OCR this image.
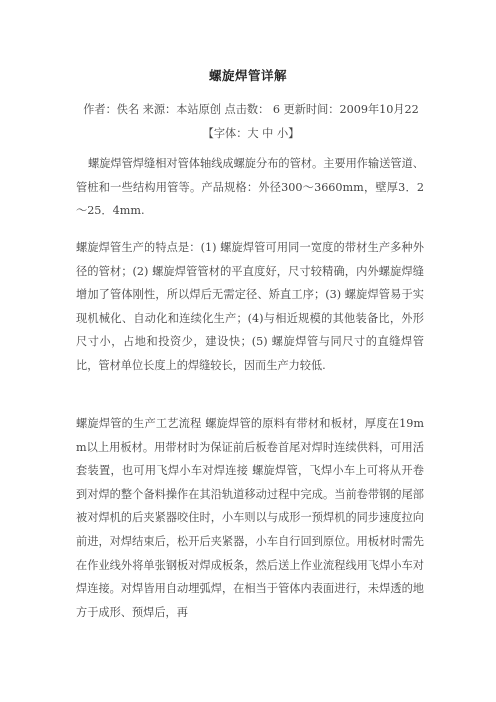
螺旋焊管详解
作者：佚名 来源：本站原创 点击数： 6 更新时间：2009年10月22 【字体：大 中 小】
螺旋焊管焊缝相对管体轴线成螺旋分布的管材。主要用作输送管道、管桩和一些结构用管等。产品规格：外径300～3660mm，壁厚3．2～25．4mm.
螺旋焊管生产的特点是：(1) 螺旋焊管可用同一宽度的带材生产多种外径的管材；(2) 螺旋焊管管材的平直度好，尺寸较精确，内外螺旋焊缝增加了管体刚性，所以焊后无需定径、矫直工序；(3) 螺旋焊管易于实现机械化、自动化和连续化生产；(4)与相近规模的其他装备比，外形尺寸小，占地和投资少，建设快；(5) 螺旋焊管与同尺寸的直缝焊管比，管材单位长度上的焊缝较长，因而生产力较低.
螺旋焊管的生产工艺流程 螺旋焊管的原料有带材和板材，厚度在19mm以上用板材。用带材时为保证前后板卷首尾对焊时连续供料，可用活套装置，也可用飞焊小车对焊连接 螺旋焊管，飞焊小车上可将从开卷到对焊的整个备料操作在其沿轨道移动过程中完成。当前卷带钢的尾部被对焊机的后夹紧器咬住时，小车则以与成形一预焊机的同步速度拉向前进，对焊结束后，松开后夹紧器，小车自行回到原位。用板材时需先在作业线外将单张钢板对焊成板条，然后送上作业流程线用飞焊小车对焊连接。对焊皆用自动埋弧焊，在相当于管体内表面进行，未焊透的地方于成形、预焊后，再
